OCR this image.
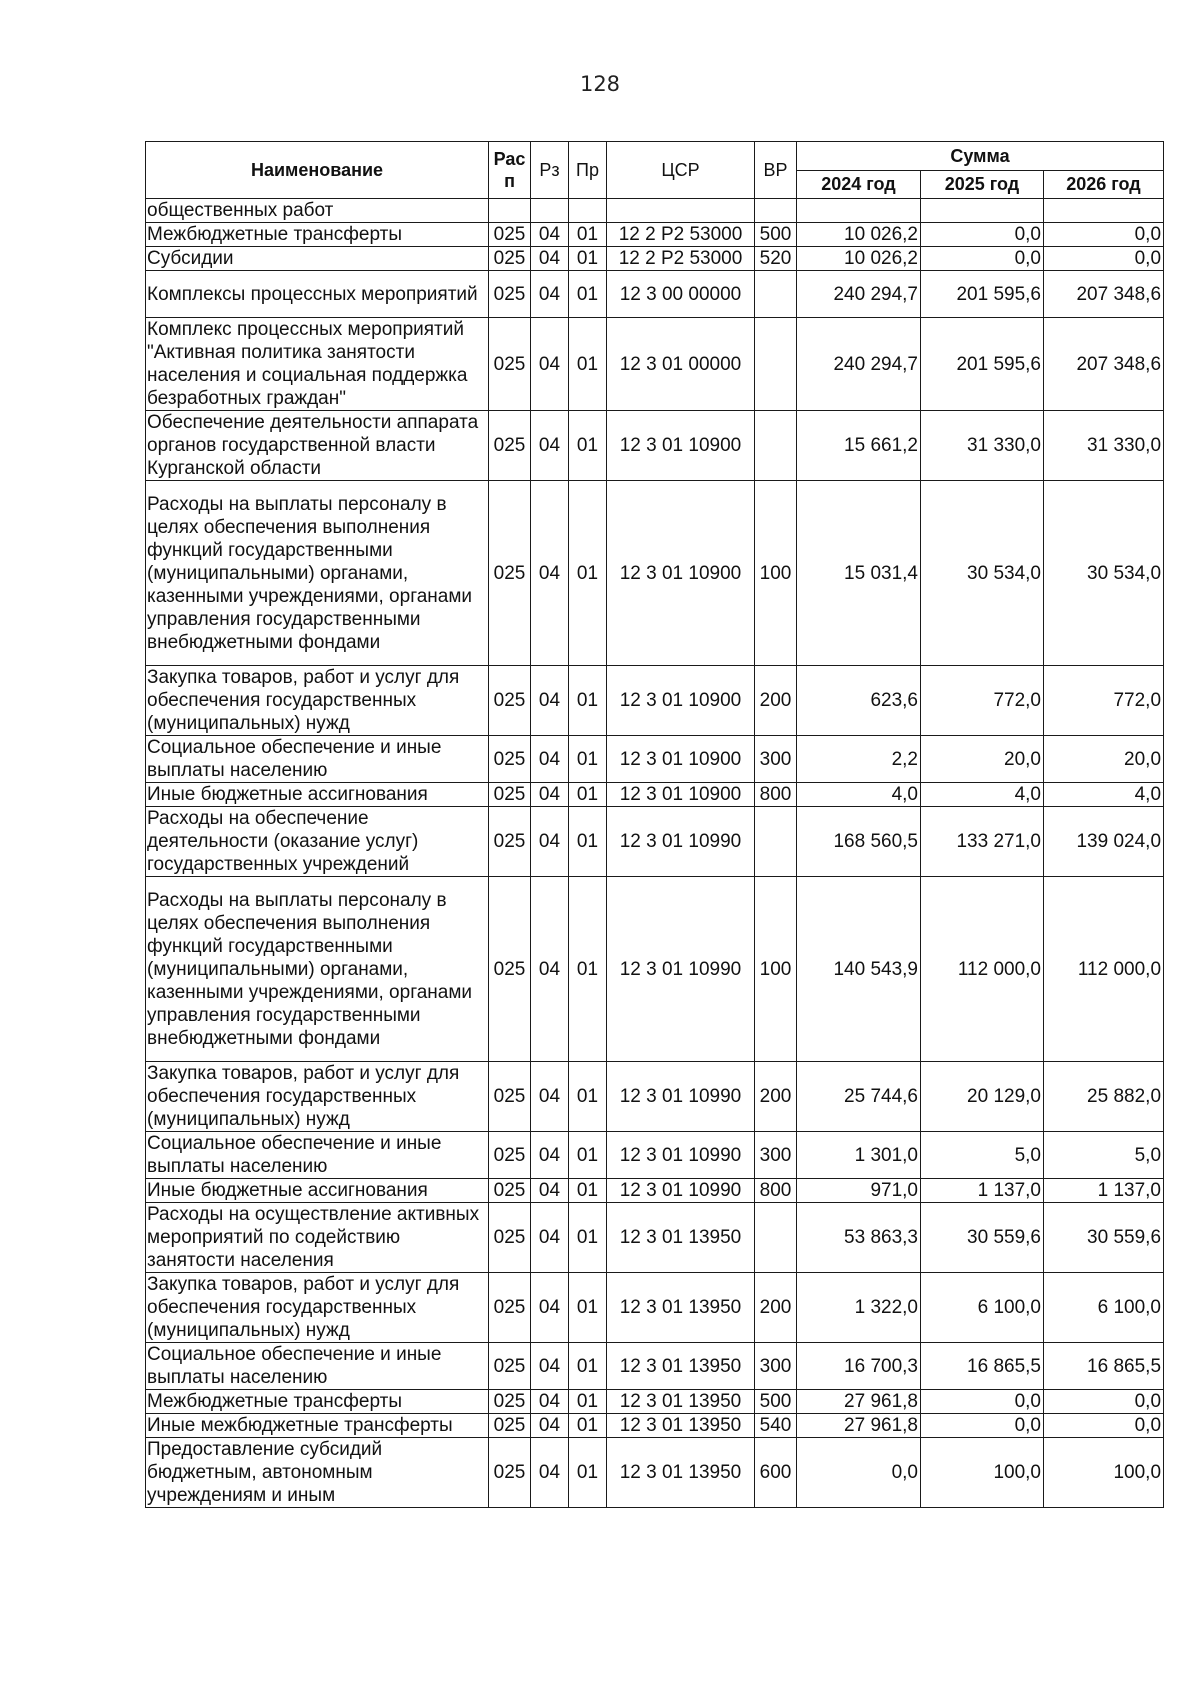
128
Наименование	Рас п	Рз	Пр	ЦСР	ВР	Сумма		
						2024 год	2025 год	2026 год
общественных работ								
Межбюджетные трансферты	025	04	01	12 2 P2 53000	500	10 026,2	0,0	0,0
Субсидии	025	04	01	12 2 P2 53000	520	10 026,2	0,0	0,0
Комплексы процессных мероприятий	025	04	01	12 3 00 00000		240 294,7	201 595,6	207 348,6
Комплекс процессных мероприятий "Активная политика занятости населения и социальная поддержка безработных граждан"	025	04	01	12 3 01 00000		240 294,7	201 595,6	207 348,6
Обеспечение деятельности аппарата органов государственной власти Курганской области	025	04	01	12 3 01 10900		15 661,2	31 330,0	31 330,0
Расходы на выплаты персоналу в целях обеспечения выполнения функций государственными (муниципальными) органами, казенными учреждениями, органами управления государственными внебюджетными фондами	025	04	01	12 3 01 10900	100	15 031,4	30 534,0	30 534,0
Закупка товаров, работ и услуг для обеспечения государственных (муниципальных) нужд	025	04	01	12 3 01 10900	200	623,6	772,0	772,0
Социальное обеспечение и иные выплаты населению	025	04	01	12 3 01 10900	300	2,2	20,0	20,0
Иные бюджетные ассигнования	025	04	01	12 3 01 10900	800	4,0	4,0	4,0
Расходы на обеспечение деятельности (оказание услуг) государственных учреждений	025	04	01	12 3 01 10990		168 560,5	133 271,0	139 024,0
Расходы на выплаты персоналу в целях обеспечения выполнения функций государственными (муниципальными) органами, казенными учреждениями, органами управления государственными внебюджетными фондами	025	04	01	12 3 01 10990	100	140 543,9	112 000,0	112 000,0
Закупка товаров, работ и услуг для обеспечения государственных (муниципальных) нужд	025	04	01	12 3 01 10990	200	25 744,6	20 129,0	25 882,0
Социальное обеспечение и иные выплаты населению	025	04	01	12 3 01 10990	300	1 301,0	5,0	5,0
Иные бюджетные ассигнования	025	04	01	12 3 01 10990	800	971,0	1 137,0	1 137,0
Расходы на осуществление активных мероприятий по содействию занятости населения	025	04	01	12 3 01 13950		53 863,3	30 559,6	30 559,6
Закупка товаров, работ и услуг для обеспечения государственных (муниципальных) нужд	025	04	01	12 3 01 13950	200	1 322,0	6 100,0	6 100,0
Социальное обеспечение и иные выплаты населению	025	04	01	12 3 01 13950	300	16 700,3	16 865,5	16 865,5
Межбюджетные трансферты	025	04	01	12 3 01 13950	500	27 961,8	0,0	0,0
Иные межбюджетные трансферты	025	04	01	12 3 01 13950	540	27 961,8	0,0	0,0
Предоставление субсидий бюджетным, автономным учреждениям и иным	025	04	01	12 3 01 13950	600	0,0	100,0	100,0
